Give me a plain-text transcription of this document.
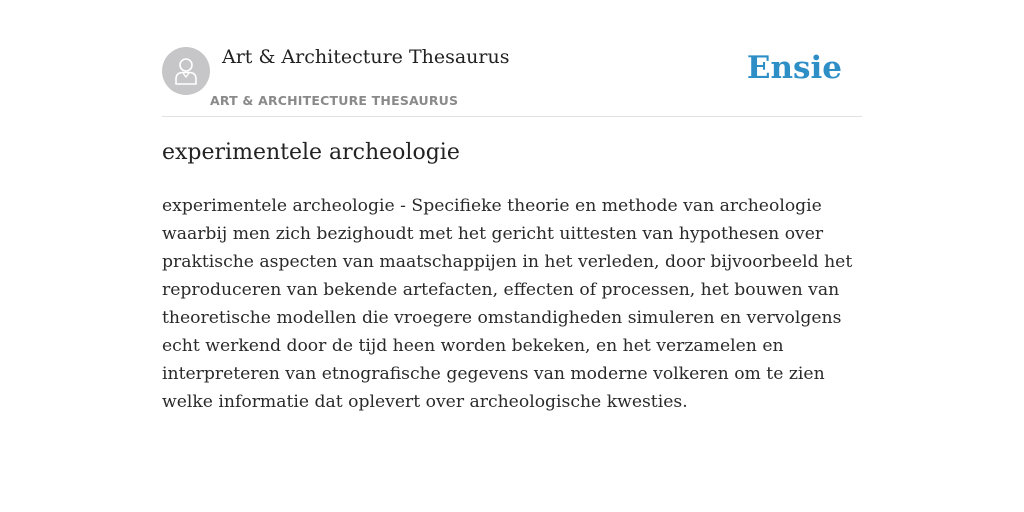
Art & Architecture Thesaurus
ART & ARCHITECTURE THESAURUS
Ensie
experimentele archeologie

experimentele archeologie - Specifieke theorie en methode van archeologie waarbij men zich bezighoudt met het gericht uittesten van hypothesen over praktische aspecten van maatschappijen in het verleden, door bijvoorbeeld het reproduceren van bekende artefacten, effecten of processen, het bouwen van theoretische modellen die vroegere omstandigheden simuleren en vervolgens echt werkend door de tijd heen worden bekeken, en het verzamelen en interpreteren van etnografische gegevens van moderne volkeren om te zien welke informatie dat oplevert over archeologische kwesties.
